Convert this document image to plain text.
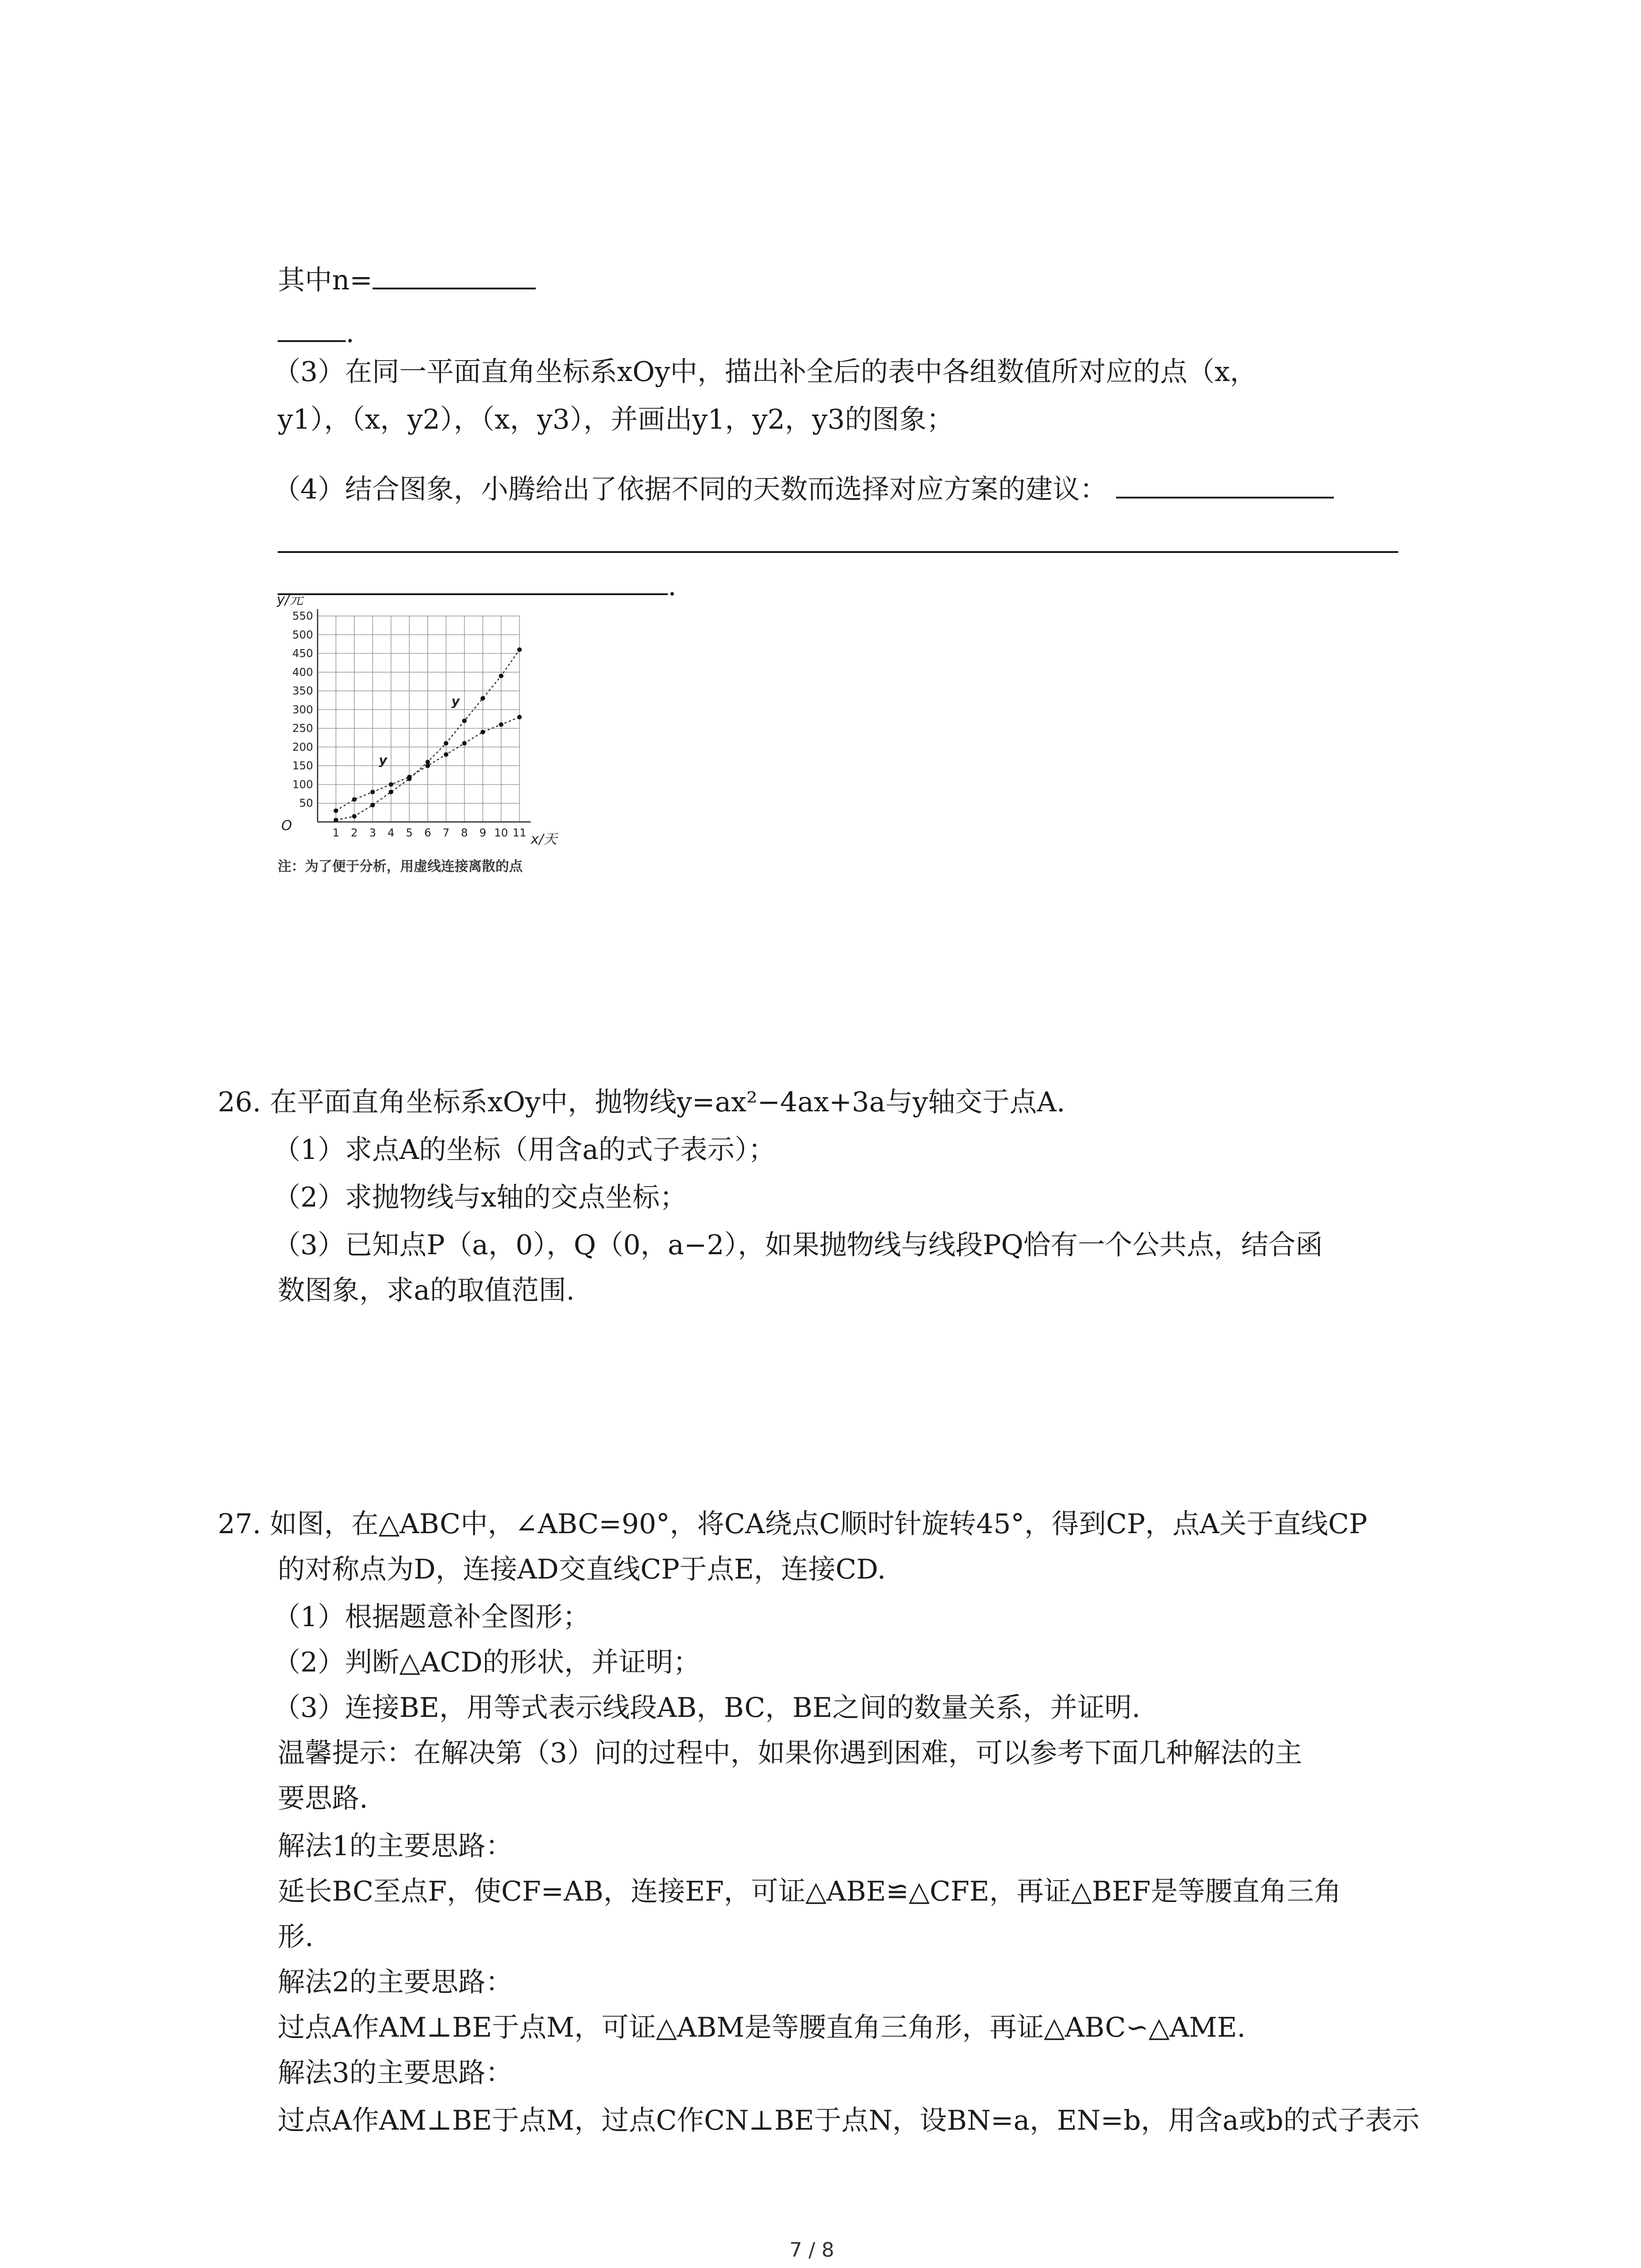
其中n=
.
（3）在同一平面直角坐标系xOy中，描出补全后的表中各组数值所对应的点（x，
y1），（x，y2），（x，y3），并画出y1，y2，y3的图象；
（4）结合图象，小腾给出了依据不同的天数而选择对应方案的建议：
.
1 2 3 4 5 6 7 8 9 10 11
50
100
150
200
250
300
350
400
450
500
550
y/元
x/天
O
y
y
注：为了便于分析，用虚线连接离散的点
26. 在平面直角坐标系xOy中，抛物线y=ax²−4ax+3a与y轴交于点A.
（1）求点A的坐标（用含a的式子表示）；
（2）求抛物线与x轴的交点坐标；
（3）已知点P（a，0），Q（0，a−2），如果抛物线与线段PQ恰有一个公共点，结合函
数图象，求a的取值范围.
27. 如图，在△ABC中，∠ABC=90°，将CA绕点C顺时针旋转45°，得到CP，点A关于直线CP
的对称点为D，连接AD交直线CP于点E，连接CD.
（1）根据题意补全图形；
（2）判断△ACD的形状，并证明；
（3）连接BE，用等式表示线段AB，BC，BE之间的数量关系，并证明.
温馨提示：在解决第（3）问的过程中，如果你遇到困难，可以参考下面几种解法的主
要思路.
解法1的主要思路：
延长BC至点F，使CF=AB，连接EF，可证△ABE≌△CFE，再证△BEF是等腰直角三角
形.
解法2的主要思路：
过点A作AM⊥BE于点M，可证△ABM是等腰直角三角形，再证△ABC∽△AME.
解法3的主要思路：
过点A作AM⊥BE于点M，过点C作CN⊥BE于点N，设BN=a，EN=b，用含a或b的式子表示
7 / 8
